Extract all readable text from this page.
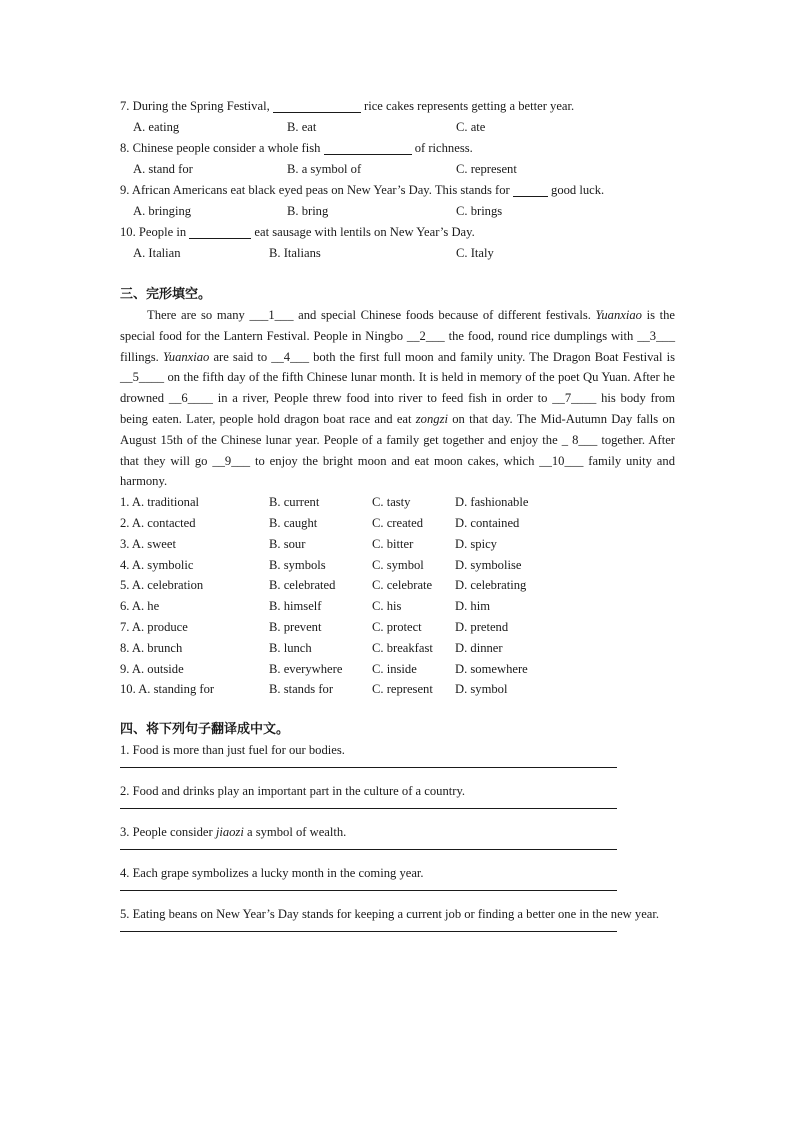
7. During the Spring Festival,	rice cakes represents getting a better year.
A. eating	B. eat	C. ate
8. Chinese people consider a whole fish	of richness.
A. stand for	B. a symbol of	C. represent
9. African Americans eat black eyed peas on New Year’s Day. This stands for	good luck.
A. bringing	B. bring	C. brings
10. People in	eat sausage with lentils on New Year’s Day.
A. Italian	B. Italians	C. Italy
三、完形填空。

There are so many ___1___ and special Chinese foods because of different festivals. Yuanxiao is the special food for the Lantern Festival. People in Ningbo __2___ the food, round rice dumplings with __3___ fillings. Yuanxiao are said to __4___ both the first full moon and family unity. The Dragon Boat Festival is __5____ on the fifth day of the fifth Chinese lunar month. It is held in memory of the poet Qu Yuan. After he drowned __6____ in a river, People threw food into river to feed fish in order to __7____ his body from being eaten. Later, people hold dragon boat race and eat zongzi on that day. The Mid-Autumn Day falls on August 15th of the Chinese lunar year. People of a family get together and enjoy the _ 8___ together. After that they will go __9___ to enjoy the bright moon and eat moon cakes, which __10___ family unity and harmony.

1. A. traditional	B. current	C. tasty	D. fashionable
2. A. contacted	B. caught	C. created	D. contained
3. A. sweet	B. sour	C. bitter	D. spicy
4. A. symbolic	B. symbols	C. symbol D. symbolise
5. A. celebration	B. celebrated	C. celebrate D. celebrating
6. A. he	B. himself	C. his	D. him
7. A. produce	B. prevent	C. protect	D. pretend
8. A. brunch	B. lunch	C. breakfast D. dinner
9. A. outside	B. everywhere C. inside	D. somewhere
10. A. standing for	B. stands for	C. represent D. symbol
四、将下列句子翻译成中文。
1. Food is more than just fuel for our bodies.
2. Food and drinks play an important part in the culture of a country.
3. People consider jiaozi a symbol of wealth.
4. Each grape symbolizes a lucky month in the coming year.
5. Eating beans on New Year’s Day stands for keeping a current job or finding a better one in the new year.
